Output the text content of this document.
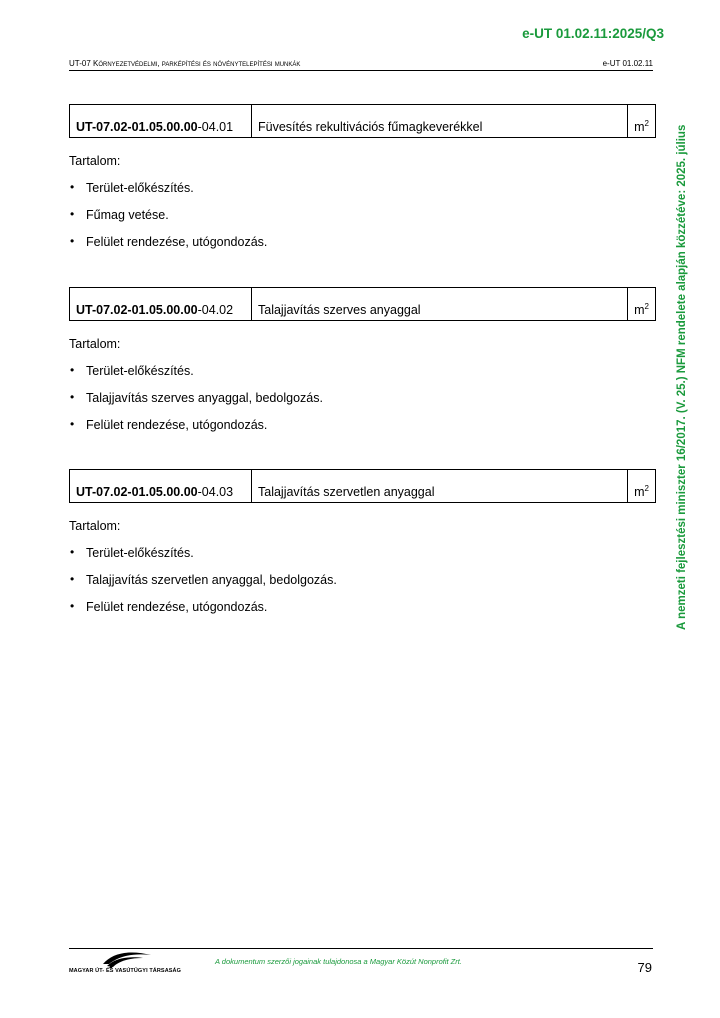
e-UT 01.02.11:2025/Q3
UT-07 Környezetvédelmi, parképítési és növénytelepítési munkák	e-UT 01.02.11
A nemzeti fejlesztési miniszter 16/2017. (V. 25.) NFM rendelete alapján közzétéve: 2025. július
UT-07.02-01.05.00.00-04.01	Füvesítés rekultivációs fűmagkeverékkel	$m^2$
Tartalom:
• Terület-előkészítés.
• Fűmag vetése.
• Felület rendezése, utógondozás.
UT-07.02-01.05.00.00-04.02	Talajjavítás szerves anyaggal	$m^2$
Tartalom:
• Terület-előkészítés.
• Talajjavítás szerves anyaggal, bedolgozás.
• Felület rendezése, utógondozás.
UT-07.02-01.05.00.00-04.03	Talajjavítás szervetlen anyaggal	$m^2$
Tartalom:
• Terület-előkészítés.
• Talajjavítás szervetlen anyaggal, bedolgozás.
• Felület rendezése, utógondozás.
MAGYAR ÚT- ÉS VASÚTÜGYI TÁRSASÁG
A dokumentum szerzői jogainak tulajdonosa a Magyar Közút Nonprofit Zrt.	79
